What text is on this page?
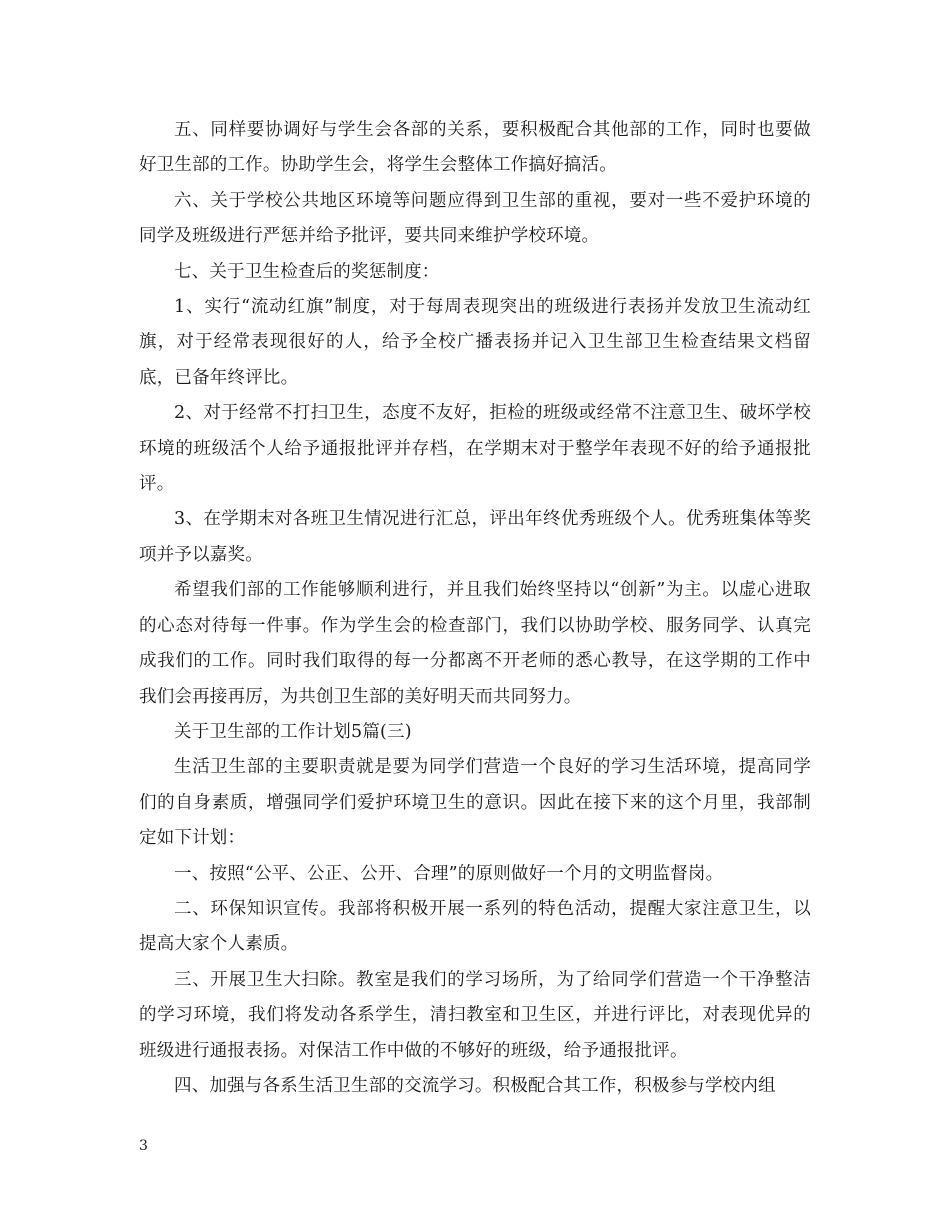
五、同样要协调好与学生会各部的关系，要积极配合其他部的工作，同时也要做好卫生部的工作。协助学生会，将学生会整体工作搞好搞活。

六、关于学校公共地区环境等问题应得到卫生部的重视，要对一些不爱护环境的同学及班级进行严惩并给予批评，要共同来维护学校环境。

七、关于卫生检查后的奖惩制度：

1、实行“流动红旗”制度，对于每周表现突出的班级进行表扬并发放卫生流动红旗，对于经常表现很好的人，给予全校广播表扬并记入卫生部卫生检查结果文档留底，已备年终评比。

2、对于经常不打扫卫生，态度不友好，拒检的班级或经常不注意卫生、破坏学校环境的班级活个人给予通报批评并存档，在学期末对于整学年表现不好的给予通报批评。

3、在学期末对各班卫生情况进行汇总，评出年终优秀班级个人。优秀班集体等奖项并予以嘉奖。

希望我们部的工作能够顺利进行，并且我们始终坚持以“创新”为主。以虚心进取的心态对待每一件事。作为学生会的检查部门，我们以协助学校、服务同学、认真完成我们的工作。同时我们取得的每一分都离不开老师的悉心教导，在这学期的工作中我们会再接再厉，为共创卫生部的美好明天而共同努力。

关于卫生部的工作计划5篇(三)

生活卫生部的主要职责就是要为同学们营造一个良好的学习生活环境，提高同学们的自身素质，增强同学们爱护环境卫生的意识。因此在接下来的这个月里，我部制定如下计划：

一、按照“公平、公正、公开、合理”的原则做好一个月的文明监督岗。

二、环保知识宣传。我部将积极开展一系列的特色活动，提醒大家注意卫生，以提高大家个人素质。

三、开展卫生大扫除。教室是我们的学习场所，为了给同学们营造一个干净整洁的学习环境，我们将发动各系学生，清扫教室和卫生区，并进行评比，对表现优异的班级进行通报表扬。对保洁工作中做的不够好的班级，给予通报批评。

四、加强与各系生活卫生部的交流学习。积极配合其工作，积极参与学校内组

3
